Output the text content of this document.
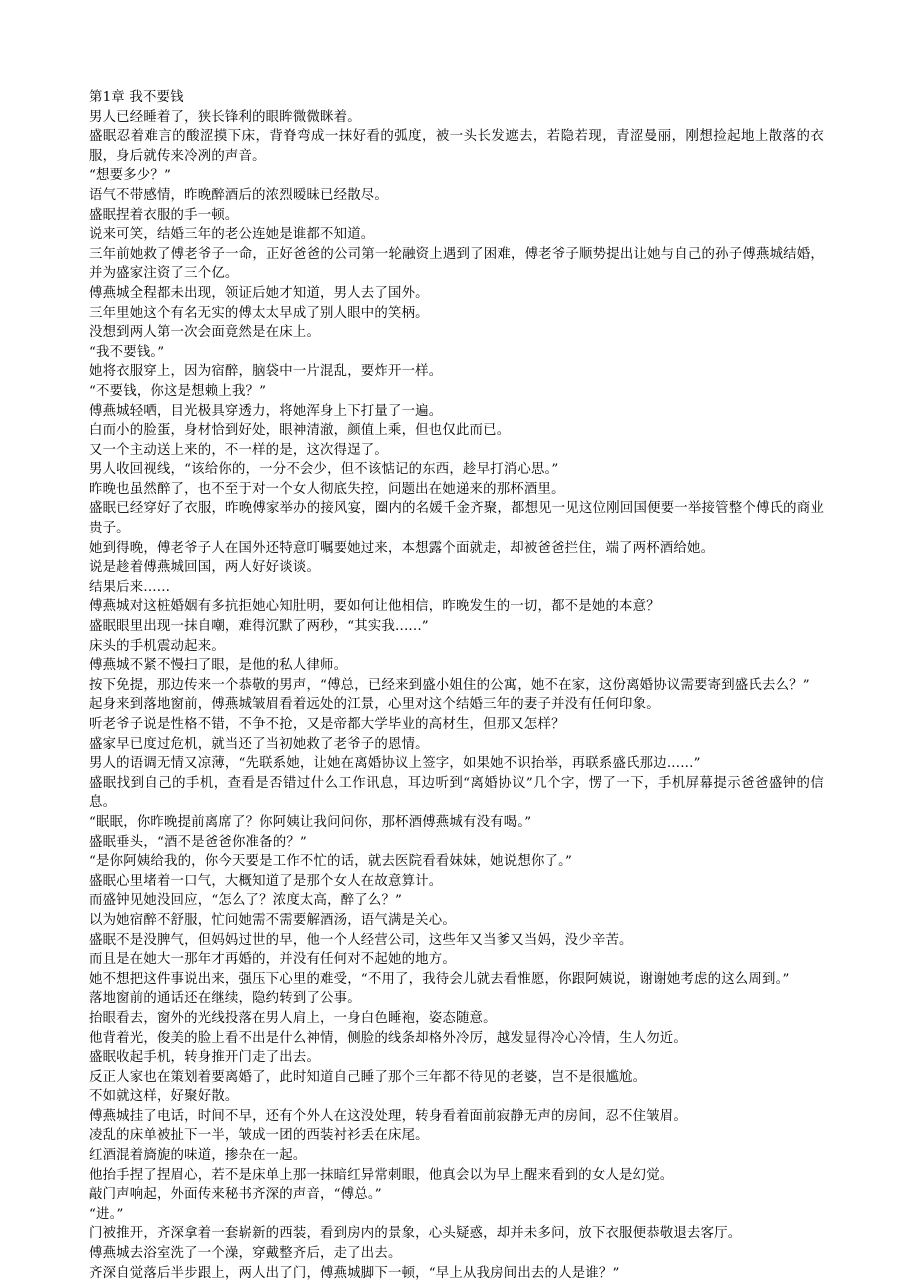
第1章 我不要钱

男人已经睡着了，狭长锋利的眼眸微微眯着。

盛眠忍着难言的酸涩摸下床，背脊弯成一抹好看的弧度，被一头长发遮去，若隐若现，青涩曼丽，刚想捡起地上散落的衣服，身后就传来冷冽的声音。

“想要多少？”

语气不带感情，昨晚醉酒后的浓烈暧昧已经散尽。

盛眠捏着衣服的手一顿。

说来可笑，结婚三年的老公连她是谁都不知道。

三年前她救了傅老爷子一命，正好爸爸的公司第一轮融资上遇到了困难，傅老爷子顺势提出让她与自己的孙子傅燕城结婚，并为盛家注资了三个亿。

傅燕城全程都未出现，领证后她才知道，男人去了国外。

三年里她这个有名无实的傅太太早成了别人眼中的笑柄。

没想到两人第一次会面竟然是在床上。

“我不要钱。”

她将衣服穿上，因为宿醉，脑袋中一片混乱，要炸开一样。

“不要钱，你这是想赖上我？”

傅燕城轻哂，目光极具穿透力，将她浑身上下打量了一遍。

白而小的脸蛋，身材恰到好处，眼神清澈，颜值上乘，但也仅此而已。

又一个主动送上来的，不一样的是，这次得逞了。

男人收回视线，“该给你的，一分不会少，但不该惦记的东西，趁早打消心思。”

昨晚也虽然醉了，也不至于对一个女人彻底失控，问题出在她递来的那杯酒里。

盛眠已经穿好了衣服，昨晚傅家举办的接风宴，圈内的名媛千金齐聚，都想见一见这位刚回国便要一举接管整个傅氏的商业贵子。

她到得晚，傅老爷子人在国外还特意叮嘱要她过来，本想露个面就走，却被爸爸拦住，端了两杯酒给她。

说是趁着傅燕城回国，两人好好谈谈。

结果后来......

傅燕城对这桩婚姻有多抗拒她心知肚明，要如何让他相信，昨晚发生的一切，都不是她的本意？

盛眠眼里出现一抹自嘲，难得沉默了两秒，“其实我......”

床头的手机震动起来。

傅燕城不紧不慢扫了眼，是他的私人律师。

按下免提，那边传来一个恭敬的男声，“傅总，已经来到盛小姐住的公寓，她不在家，这份离婚协议需要寄到盛氏去么？”

起身来到落地窗前，傅燕城皱眉看着远处的江景，心里对这个结婚三年的妻子并没有任何印象。

听老爷子说是性格不错，不争不抢，又是帝都大学毕业的高材生，但那又怎样？

盛家早已度过危机，就当还了当初她救了老爷子的恩情。

男人的语调无情又凉薄，“先联系她，让她在离婚协议上签字，如果她不识抬举，再联系盛氏那边......”

盛眠找到自己的手机，查看是否错过什么工作讯息，耳边听到“离婚协议”几个字，愣了一下，手机屏幕提示爸爸盛钟的信息。

“眠眠，你昨晚提前离席了？你阿姨让我问问你，那杯酒傅燕城有没有喝。”

盛眠垂头，“酒不是爸爸你准备的？”

“是你阿姨给我的，你今天要是工作不忙的话，就去医院看看妹妹，她说想你了。”

盛眠心里堵着一口气，大概知道了是那个女人在故意算计。

而盛钟见她没回应，“怎么了？浓度太高，醉了么？”

以为她宿醉不舒服，忙问她需不需要解酒汤，语气满是关心。

盛眠不是没脾气，但妈妈过世的早，他一个人经营公司，这些年又当爹又当妈，没少辛苦。

而且是在她大一那年才再婚的，并没有任何对不起她的地方。

她不想把这件事说出来，强压下心里的难受，“不用了，我待会儿就去看惟愿，你跟阿姨说，谢谢她考虑的这么周到。”

落地窗前的通话还在继续，隐约转到了公事。

抬眼看去，窗外的光线投落在男人肩上，一身白色睡袍，姿态随意。

他背着光，俊美的脸上看不出是什么神情，侧脸的线条却格外冷厉，越发显得冷心冷情，生人勿近。

盛眠收起手机，转身推开门走了出去。

反正人家也在策划着要离婚了，此时知道自己睡了那个三年都不待见的老婆，岂不是很尴尬。

不如就这样，好聚好散。

傅燕城挂了电话，时间不早，还有个外人在这没处理，转身看着面前寂静无声的房间，忍不住皱眉。

凌乱的床单被扯下一半，皱成一团的西装衬衫丢在床尾。

红酒混着旖旎的味道，掺杂在一起。

他抬手捏了捏眉心，若不是床单上那一抹暗红异常刺眼，他真会以为早上醒来看到的女人是幻觉。

敲门声响起，外面传来秘书齐深的声音，“傅总。”

“进。”

门被推开，齐深拿着一套崭新的西装，看到房内的景象，心头疑惑，却并未多问，放下衣服便恭敬退去客厅。

傅燕城去浴室洗了一个澡，穿戴整齐后，走了出去。

齐深自觉落后半步跟上，两人出了门，傅燕城脚下一顿，“早上从我房间出去的人是谁？”
